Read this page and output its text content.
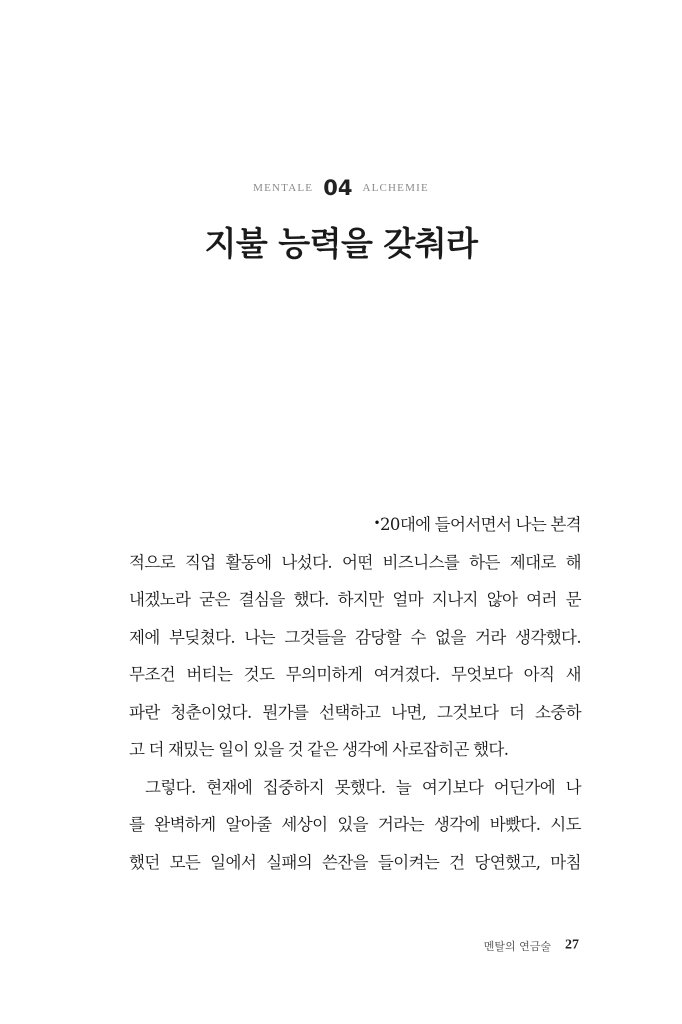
MENTALE 04 ALCHEMIE
지불 능력을 갖춰라
•20대에 들어서면서 나는 본격
적으로 직업 활동에 나섰다. 어떤 비즈니스를 하든 제대로 해
내겠노라 굳은 결심을 했다. 하지만 얼마 지나지 않아 여러 문
제에 부딪쳤다. 나는 그것들을 감당할 수 없을 거라 생각했다.
무조건 버티는 것도 무의미하게 여겨졌다. 무엇보다 아직 새
파란 청춘이었다. 뭔가를 선택하고 나면, 그것보다 더 소중하
고 더 재밌는 일이 있을 것 같은 생각에 사로잡히곤 했다.
그렇다. 현재에 집중하지 못했다. 늘 여기보다 어딘가에 나
를 완벽하게 알아줄 세상이 있을 거라는 생각에 바빴다. 시도
했던 모든 일에서 실패의 쓴잔을 들이켜는 건 당연했고, 마침
멘탈의 연금술 27
